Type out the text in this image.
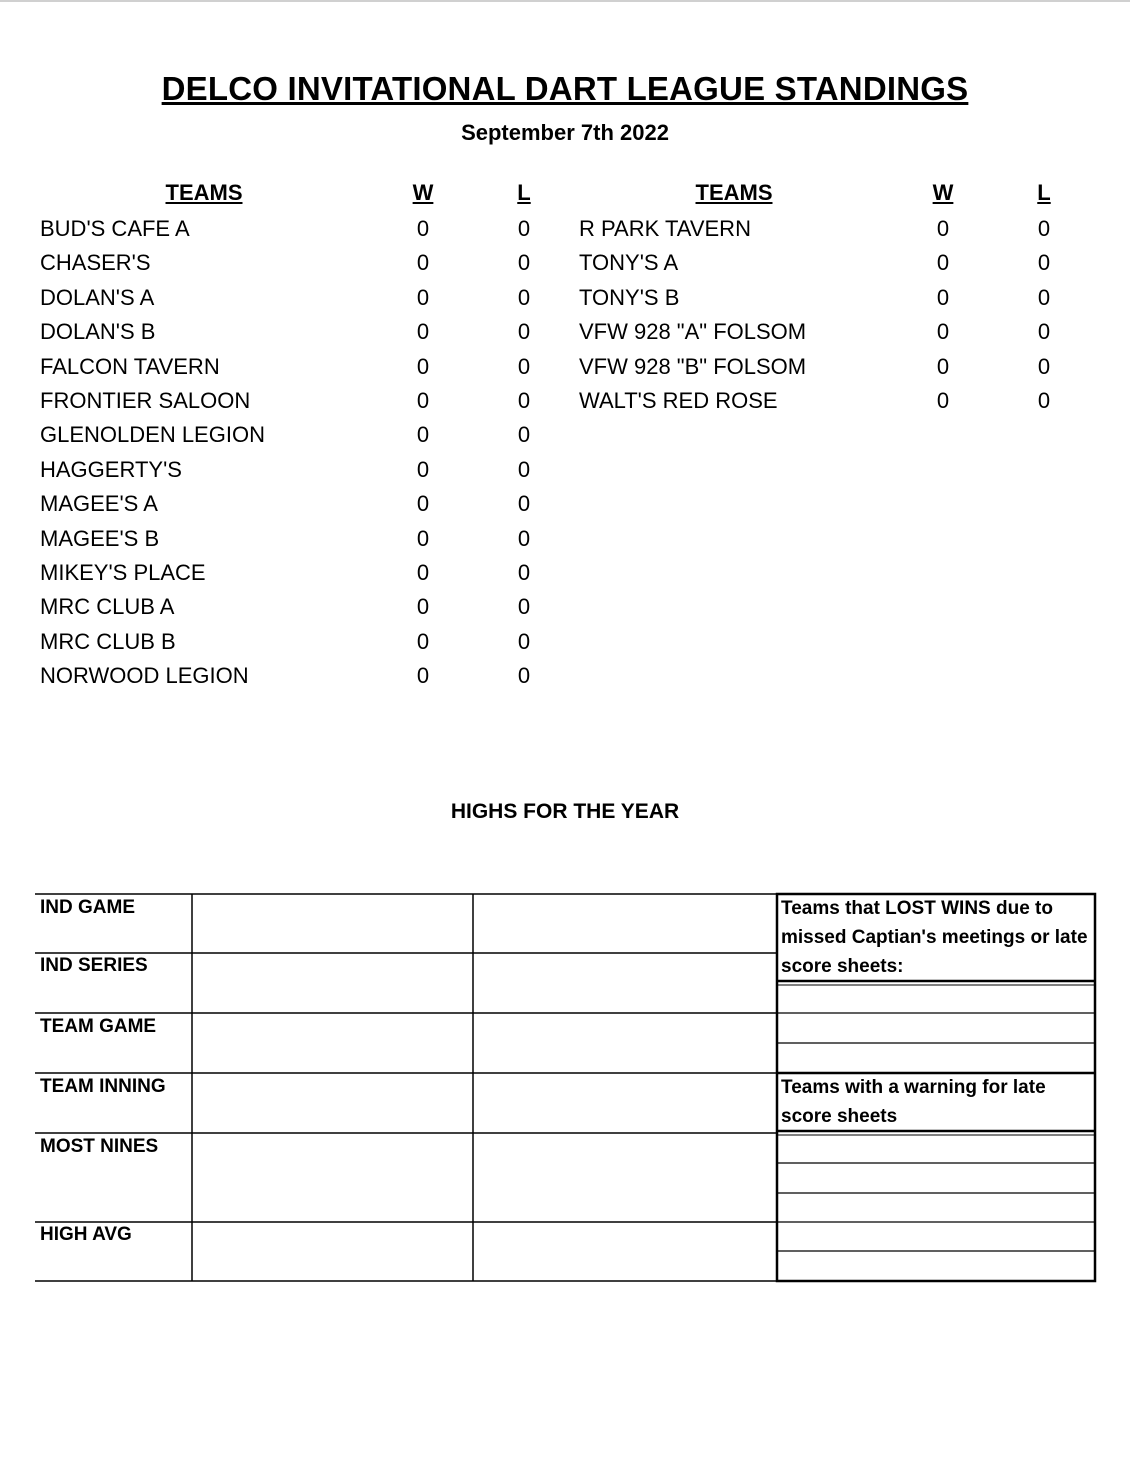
DELCO INVITATIONAL DART LEAGUE STANDINGS
September 7th 2022
TEAMS	W	L	TEAMS	W	L
BUD'S CAFE A	0	0
CHASER'S	0	0
DOLAN'S A	0	0
DOLAN'S B	0	0
FALCON TAVERN	0	0
FRONTIER SALOON	0	0
GLENOLDEN LEGION	0	0
HAGGERTY'S	0	0
MAGEE'S A	0	0
MAGEE'S B	0	0
MIKEY'S PLACE	0	0
MRC CLUB A	0	0
MRC CLUB B	0	0
NORWOOD LEGION	0	0
R PARK TAVERN	0	0
TONY'S A	0	0
TONY'S B	0	0
VFW 928 "A" FOLSOM	0	0
VFW 928 "B" FOLSOM	0	0
WALT'S RED ROSE	0	0
HIGHS FOR THE YEAR
IND GAME
IND SERIES
TEAM GAME
TEAM INNING
MOST NINES
HIGH AVG
Teams that LOST WINS due to missed Captian's meetings or late score sheets:
Teams with a warning for late score sheets
